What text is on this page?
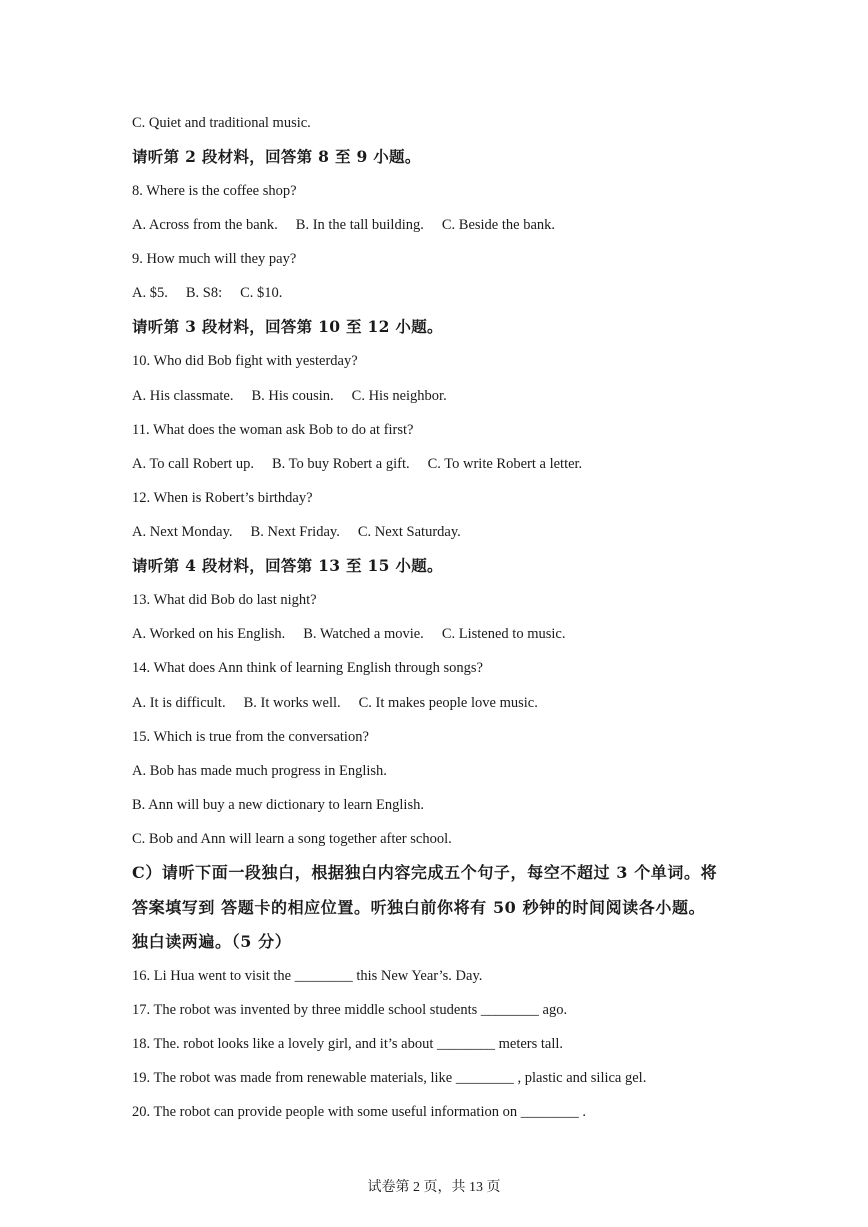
C. Quiet and traditional music.
请听第 2 段材料，回答第 8 至 9 小题。
8. Where is the coffee shop?
A. Across from the bank. B. In the tall building. C. Beside the bank.
9. How much will they pay?
A. $5. B. S8: C. $10.
请听第 3 段材料，回答第 10 至 12 小题。
10. Who did Bob fight with yesterday?
A. His classmate. B. His cousin. C. His neighbor.
11. What does the woman ask Bob to do at first?
A. To call Robert up. B. To buy Robert a gift. C. To write Robert a letter.
12. When is Robert’s birthday?
A. Next Monday. B. Next Friday. C. Next Saturday.
请听第 4 段材料，回答第 13 至 15 小题。
13. What did Bob do last night?
A. Worked on his English. B. Watched a movie. C. Listened to music.
14. What does Ann think of learning English through songs?
A. It is difficult. B. It works well. C. It makes people love music.
15. Which is true from the conversation?
A. Bob has made much progress in English.
B. Ann will buy a new dictionary to learn English.
C. Bob and Ann will learn a song together after school.
C）请听下面一段独白，根据独白内容完成五个句子，每空不超过 3 个单词。将
答案填写到 答题卡的相应位置。听独白前你将有 50 秒钟的时间阅读各小题。
独白读两遍。（5 分）
16. Li Hua went to visit the ________ this New Year’s. Day.
17. The robot was invented by three middle school students ________ ago.
18. The. robot looks like a lovely girl, and it’s about ________ meters tall.
19. The robot was made from renewable materials, like ________ , plastic and silica gel.
20. The robot can provide people with some useful information on ________ .
试卷第 2 页，共 13 页
